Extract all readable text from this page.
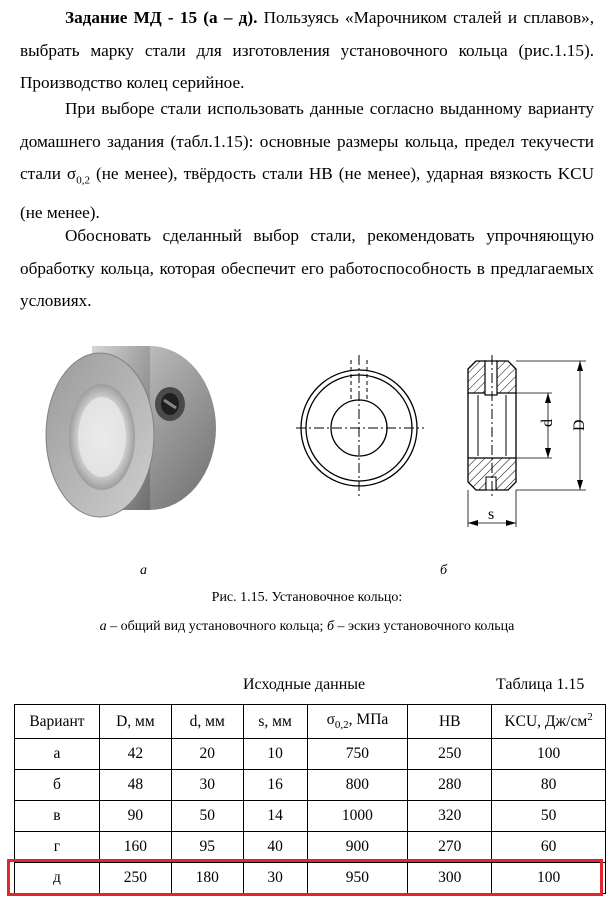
Задание МД - 15 (а – д). Пользуясь «Марочником сталей и сплавов», выбрать марку стали для изготовления установочного кольца (рис.1.15). Производство колец серийное.
При выборе стали использовать данные согласно выданному варианту домашнего задания (табл.1.15): основные размеры кольца, предел текучести стали $\sigma_{0,2}$ (не менее), твёрдость стали НВ (не менее), ударная вязкость KCU (не менее).
Обосновать сделанный выбор стали, рекомендовать упрочняющую обработку кольца, которая обеспечит его работоспособность в предлагаемых условиях.
d D
s
а	б
Рис. 1.15. Установочное кольцо:
а – общий вид установочного кольца; б – эскиз установочного кольца
Исходные данные	Таблица 1.15
Вариант	D, мм	d, мм	s, мм	$\sigma_{0,2}$, МПа	НВ	KCU, $Дж/см^2$
а	42	20	10	750	250	100
б	48	30	16	800	280	80
в	90	50	14	1000	320	50
г	160	95	40	900	270	60
д	250	180	30	950	300	100
